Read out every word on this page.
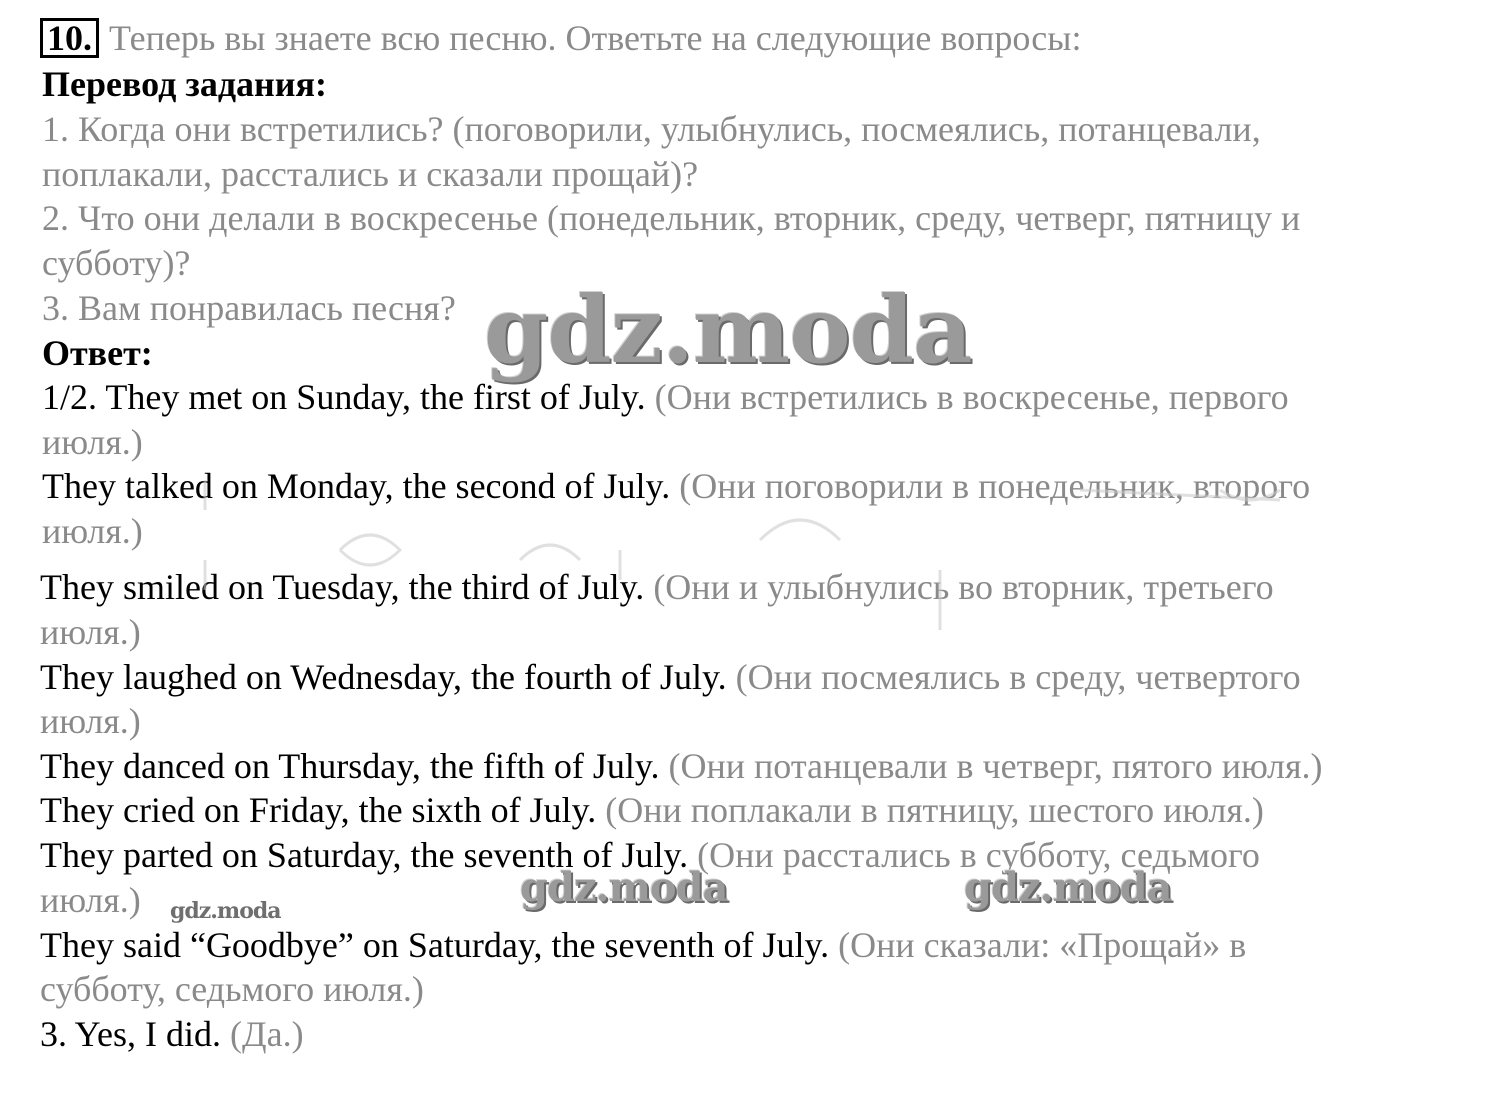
10. Теперь вы знаете всю песню. Ответьте на следующие вопросы:
Перевод задания:
1. Когда они встретились? (поговорили, улыбнулись, посмеялись, потанцевали,
поплакали, расстались и сказали прощай)?
2. Что они делали в воскресенье (понедельник, вторник, среду, четверг, пятницу и
субботу)?
3. Вам понравилась песня?
Ответ:
1/2. They met on Sunday, the first of July. (Они встретились в воскресенье, первого
июля.)
They talked on Monday, the second of July. (Они поговорили в понедельник, второго
июля.)
They smiled on Tuesday, the third of July. (Они и улыбнулись во вторник, третьего
июля.)
They laughed on Wednesday, the fourth of July. (Они посмеялись в среду, четвертого
июля.)
They danced on Thursday, the fifth of July. (Они потанцевали в четверг, пятого июля.)
They cried on Friday, the sixth of July. (Они поплакали в пятницу, шестого июля.)
They parted on Saturday, the seventh of July. (Они расстались в субботу, седьмого
июля.)
They said “Goodbye” on Saturday, the seventh of July. (Они сказали: «Прощай» в
субботу, седьмого июля.)
3. Yes, I did. (Да.)
gdz.moda
gdz.moda	gdz.moda
gdz.moda
